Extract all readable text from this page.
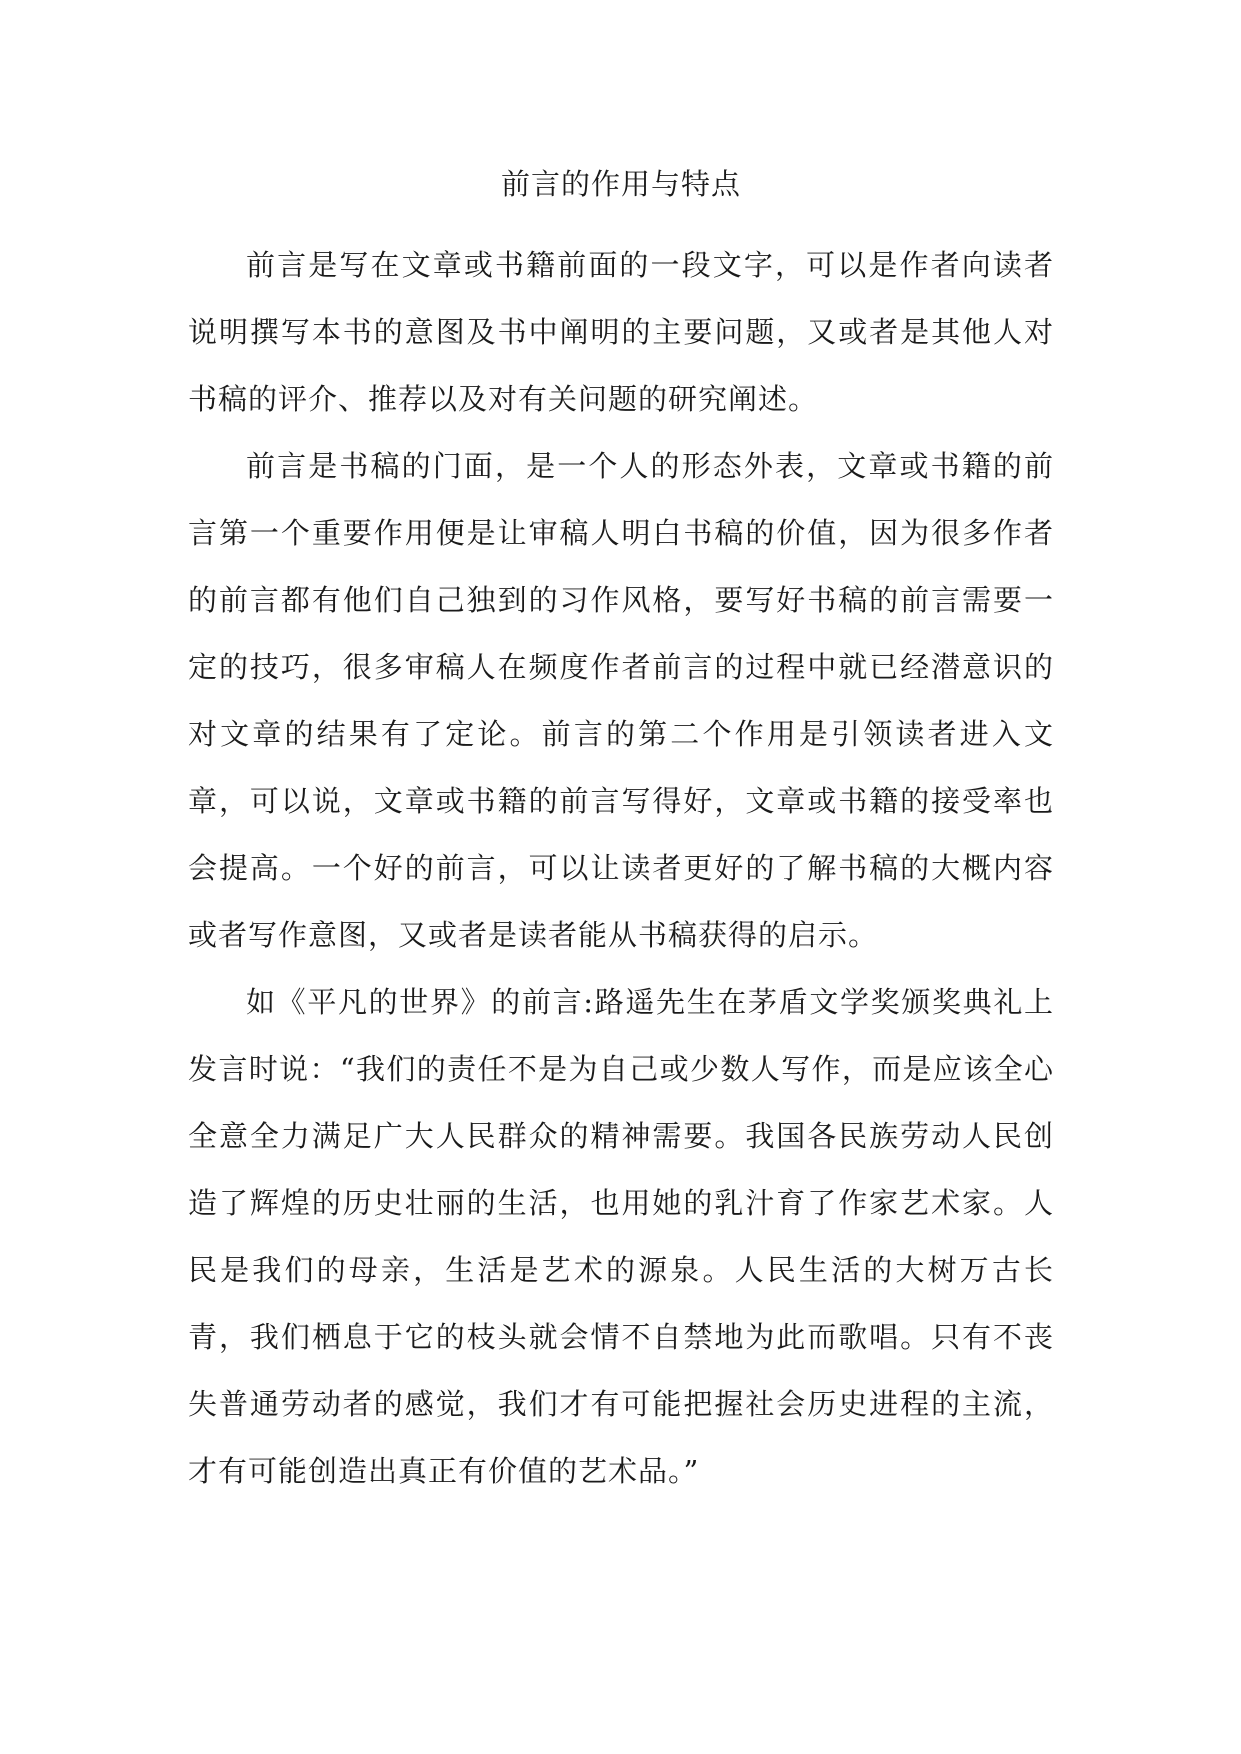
前言的作用与特点

前言是写在文章或书籍前面的一段文字，可以是作者向读者说明撰写本书的意图及书中阐明的主要问题，又或者是其他人对书稿的评介、推荐以及对有关问题的研究阐述。

前言是书稿的门面，是一个人的形态外表，文章或书籍的前言第一个重要作用便是让审稿人明白书稿的价值，因为很多作者的前言都有他们自己独到的习作风格，要写好书稿的前言需要一定的技巧，很多审稿人在频度作者前言的过程中就已经潜意识的对文章的结果有了定论。前言的第二个作用是引领读者进入文章，可以说，文章或书籍的前言写得好，文章或书籍的接受率也会提高。一个好的前言，可以让读者更好的了解书稿的大概内容或者写作意图，又或者是读者能从书稿获得的启示。

如《平凡的世界》的前言:路遥先生在茅盾文学奖颁奖典礼上发言时说：“我们的责任不是为自己或少数人写作，而是应该全心全意全力满足广大人民群众的精神需要。我国各民族劳动人民创造了辉煌的历史壮丽的生活，也用她的乳汁育了作家艺术家。人民是我们的母亲，生活是艺术的源泉。人民生活的大树万古长青，我们栖息于它的枝头就会情不自禁地为此而歌唱。只有不丧失普通劳动者的感觉，我们才有可能把握社会历史进程的主流，才有可能创造出真正有价值的艺术品。”
